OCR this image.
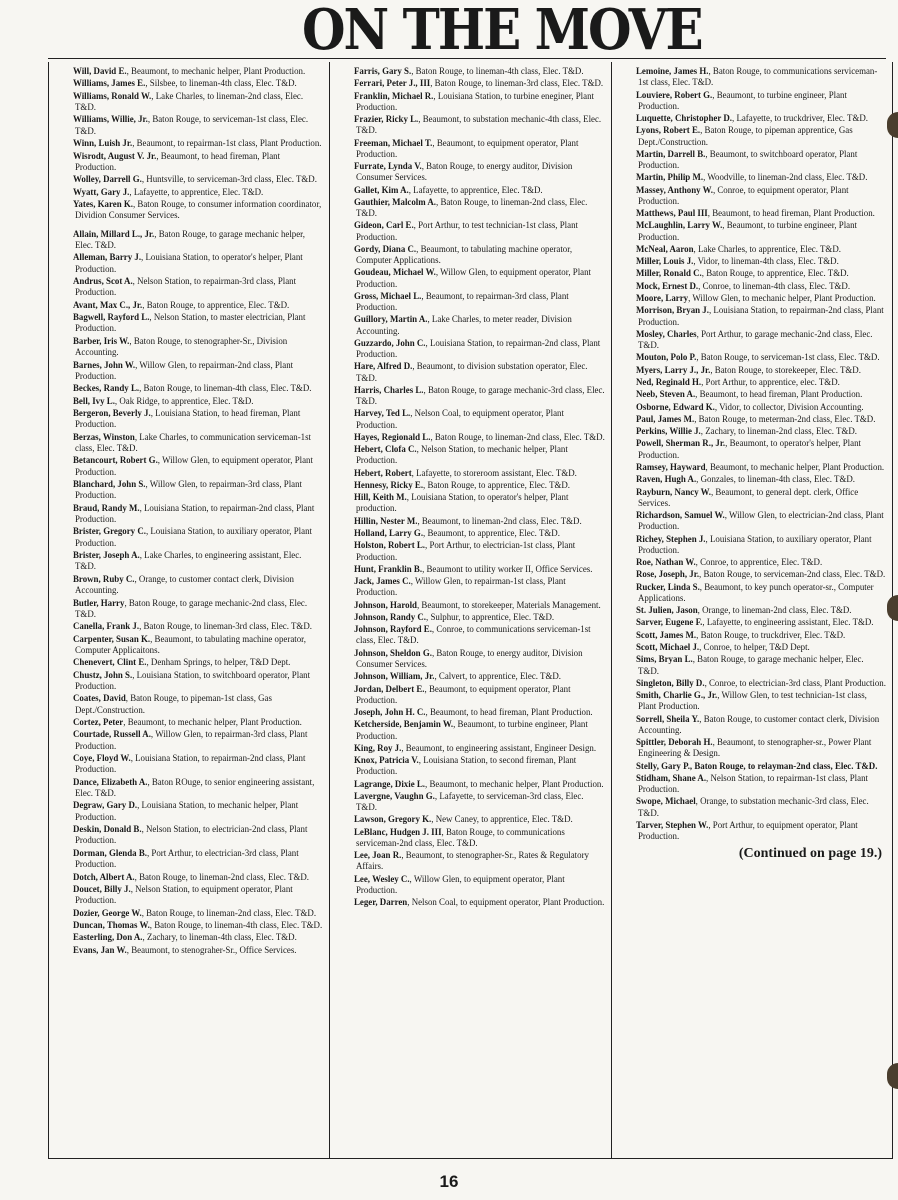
ON THE MOVE

Will, David E., Beaumont, to mechanic helper, Plant Production.

Williams, James E., Silsbee, to lineman-4th class, Elec. T&D.

Williams, Ronald W., Lake Charles, to lineman-2nd class, Elec. T&D.

Williams, Willie, Jr., Baton Rouge, to serviceman-1st class, Elec. T&D.

Winn, Luish Jr., Beaumont, to repairman-1st class, Plant Production.

Wisrodt, August V. Jr., Beaumont, to head fireman, Plant Production.

Wolley, Darrell G., Huntsville, to serviceman-3rd class, Elec. T&D.

Wyatt, Gary J., Lafayette, to apprentice, Elec. T&D.

Yates, Karen K., Baton Rouge, to consumer information coordinator, Dividion Consumer Services.

Allain, Millard L., Jr., Baton Rouge, to garage mechanic helper, Elec. T&D.

Alleman, Barry J., Louisiana Station, to operator's helper, Plant Production.

Andrus, Scot A., Nelson Station, to repairman-3rd class, Plant Production.

Avant, Max C., Jr., Baton Rouge, to apprentice, Elec. T&D.

Bagwell, Rayford L., Nelson Station, to master electrician, Plant Production.

Barber, Iris W., Baton Rouge, to stenographer-Sr., Division Accounting.

Barnes, John W., Willow Glen, to repairman-2nd class, Plant Production.

Beckes, Randy L., Baton Rouge, to lineman-4th class, Elec. T&D.

Bell, Ivy L., Oak Ridge, to apprentice, Elec. T&D.

Bergeron, Beverly J., Louisiana Station, to head fireman, Plant Production.

Berzas, Winston, Lake Charles, to communication serviceman-1st class, Elec. T&D.

Betancourt, Robert G., Willow Glen, to equipment operator, Plant Production.

Blanchard, John S., Willow Glen, to repairman-3rd class, Plant Production.

Braud, Randy M., Louisiana Station, to repairman-2nd class, Plant Production.

Brister, Gregory C., Louisiana Station, to auxiliary operator, Plant Production.

Brister, Joseph A., Lake Charles, to engineering assistant, Elec. T&D.

Brown, Ruby C., Orange, to customer contact clerk, Division Accounting.

Butler, Harry, Baton Rouge, to garage mechanic-2nd class, Elec. T&D.

Canella, Frank J., Baton Rouge, to lineman-3rd class, Elec. T&D.

Carpenter, Susan K., Beaumont, to tabulating machine operator, Computer Applicaitons.

Chenevert, Clint E., Denham Springs, to helper, T&D Dept.

Chustz, John S., Louisiana Station, to switchboard operator, Plant Production.

Coates, David, Baton Rouge, to pipeman-1st class, Gas Dept./Construction.

Cortez, Peter, Beaumont, to mechanic helper, Plant Production.

Courtade, Russell A., Willow Glen, to repairman-3rd class, Plant Production.

Coye, Floyd W., Louisiana Station, to repairman-2nd class, Plant Production.

Dance, Elizabeth A., Baton ROuge, to senior engineering assistant, Elec. T&D.

Degraw, Gary D., Louisiana Station, to mechanic helper, Plant Production.

Deskin, Donald B., Nelson Station, to electrician-2nd class, Plant Production.

Dorman, Glenda B., Port Arthur, to electrician-3rd class, Plant Production.

Dotch, Albert A., Baton Rouge, to lineman-2nd class, Elec. T&D.

Doucet, Billy J., Nelson Station, to equipment operator, Plant Production.

Dozier, George W., Baton Rouge, to lineman-2nd class, Elec. T&D.

Duncan, Thomas W., Baton Rouge, to lineman-4th class, Elec. T&D.

Easterling, Don A., Zachary, to lineman-4th class, Elec. T&D.

Evans, Jan W., Beaumont, to stenograher-Sr., Office Services.

Farris, Gary S., Baton Rouge, to lineman-4th class, Elec. T&D.

Ferrari, Peter J., III, Baton Rouge, to lineman-3rd class, Elec. T&D.

Franklin, Michael R., Louisiana Station, to turbine eneginer, Plant Production.

Frazier, Ricky L., Beaumont, to substation mechanic-4th class, Elec. T&D.

Freeman, Michael T., Beaumont, to equipment operator, Plant Production.

Furrate, Lynda V., Baton Rouge, to energy auditor, Division Consumer Services.

Gallet, Kim A., Lafayette, to apprentice, Elec. T&D.

Gauthier, Malcolm A., Baton Rouge, to lineman-2nd class, Elec. T&D.

Gideon, Carl E., Port Arthur, to test technician-1st class, Plant Production.

Gordy, Diana C., Beaumont, to tabulating machine operator, Computer Applications.

Goudeau, Michael W., Willow Glen, to equipment operator, Plant Production.

Gross, Michael L., Beaumont, to repairman-3rd class, Plant Production.

Guillory, Martin A., Lake Charles, to meter reader, Division Accounting.

Guzzardo, John C., Louisiana Station, to repairman-2nd class, Plant Production.

Hare, Alfred D., Beaumont, to division substation operator, Elec. T&D.

Harris, Charles L., Baton Rouge, to garage mechanic-3rd class, Elec. T&D.

Harvey, Ted L., Nelson Coal, to equipment operator, Plant Production.

Hayes, Regionald L., Baton Rouge, to lineman-2nd class, Elec. T&D.

Hebert, Clofa C., Nelson Station, to mechanic helper, Plant Production.

Hebert, Robert, Lafayette, to storeroom assistant, Elec. T&D.

Hennesy, Ricky E., Baton Rouge, to apprentice, Elec. T&D.

Hill, Keith M., Louisiana Station, to operator's helper, Plant production.

Hillin, Nester M., Beaumont, to lineman-2nd class, Elec. T&D.

Holland, Larry G., Beaumont, to apprentice, Elec. T&D.

Holston, Robert L., Port Arthur, to electrician-1st class, Plant Production.

Hunt, Franklin B., Beaumont to utility worker II, Office Services.

Jack, James C., Willow Glen, to repairman-1st class, Plant Production.

Johnson, Harold, Beaumont, to storekeeper, Materials Management.

Johnson, Randy C., Sulphur, to apprentice, Elec. T&D.

Johnson, Rayford E., Conroe, to communications serviceman-1st class, Elec. T&D.

Johnson, Sheldon G., Baton Rouge, to energy auditor, Division Consumer Services.

Johnson, William, Jr., Calvert, to apprentice, Elec. T&D.

Jordan, Delbert E., Beaumont, to equipment operator, Plant Production.

Joseph, John H. C., Beaumont, to head fireman, Plant Production.

Ketcherside, Benjamin W., Beaumont, to turbine engineer, Plant Production.

King, Roy J., Beaumont, to engineering assistant, Engineer Design.

Knox, Patricia V., Louisiana Station, to second fireman, Plant Production.

Lagrange, Dixie L., Beaumont, to mechanic helper, Plant Production.

Lavergne, Vaughn G., Lafayette, to serviceman-3rd class, Elec. T&D.

Lawson, Gregory K., New Caney, to apprentice, Elec. T&D.

LeBlanc, Hudgen J. III, Baton Rouge, to communications serviceman-2nd class, Elec. T&D.

Lee, Joan R., Beaumont, to stenographer-Sr., Rates & Regulatory Affairs.

Lee, Wesley C., Willow Glen, to equipment operator, Plant Production.

Leger, Darren, Nelson Coal, to equipment operator, Plant Production.

Lemoine, James H., Baton Rouge, to communications serviceman-1st class, Elec. T&D.

Louviere, Robert G., Beaumont, to turbine engineer, Plant Production.

Luquette, Christopher D., Lafayette, to truckdriver, Elec. T&D.

Lyons, Robert E., Baton Rouge, to pipeman apprentice, Gas Dept./Construction.

Martin, Darrell B., Beaumont, to switchboard operator, Plant Production.

Martin, Philip M., Woodville, to lineman-2nd class, Elec. T&D.

Massey, Anthony W., Conroe, to equipment operator, Plant Production.

Matthews, Paul III, Beaumont, to head fireman, Plant Production.

McLaughlin, Larry W., Beaumont, to turbine engineer, Plant Production.

McNeal, Aaron, Lake Charles, to apprentice, Elec. T&D.

Miller, Louis J., Vidor, to lineman-4th class, Elec. T&D.

Miller, Ronald C., Baton Rouge, to apprentice, Elec. T&D.

Mock, Ernest D., Conroe, to lineman-4th class, Elec. T&D.

Moore, Larry, Willow Glen, to mechanic helper, Plant Production.

Morrison, Bryan J., Louisiana Station, to repairman-2nd class, Plant Production.

Mosley, Charles, Port Arthur, to garage mechanic-2nd class, Elec. T&D.

Mouton, Polo P., Baton Rouge, to serviceman-1st class, Elec. T&D.

Myers, Larry J., Jr., Baton Rouge, to storekeeper, Elec. T&D.

Ned, Reginald H., Port Arthur, to apprentice, elec. T&D.

Neeb, Steven A., Beaumont, to head fireman, Plant Production.

Osborne, Edward K., Vidor, to collector, Division Accounting.

Paul, James M., Baton Rouge, to meterman-2nd class, Elec. T&D.

Perkins, Willie J., Zachary, to lineman-2nd class, Elec. T&D.

Powell, Sherman R., Jr., Beaumont, to operator's helper, Plant Production.

Ramsey, Hayward, Beaumont, to mechanic helper, Plant Production.

Raven, Hugh A., Gonzales, to lineman-4th class, Elec. T&D.

Rayburn, Nancy W., Beaumont, to general dept. clerk, Office Services.

Richardson, Samuel W., Willow Glen, to electrician-2nd class, Plant Production.

Richey, Stephen J., Louisiana Station, to auxiliary operator, Plant Production.

Roe, Nathan W., Conroe, to apprentice, Elec. T&D.

Rose, Joseph, Jr., Baton Rouge, to serviceman-2nd class, Elec. T&D.

Rucker, Linda S., Beaumont, to key punch operator-sr., Computer Applications.

St. Julien, Jason, Orange, to lineman-2nd class, Elec. T&D.

Sarver, Eugene F., Lafayette, to engineering assistant, Elec. T&D.

Scott, James M., Baton Rouge, to truckdriver, Elec. T&D.

Scott, Michael J., Conroe, to helper, T&D Dept.

Sims, Bryan L., Baton Rouge, to garage mechanic helper, Elec. T&D.

Singleton, Billy D., Conroe, to electrician-3rd class, Plant Production.

Smith, Charlie G., Jr., Willow Glen, to test technician-1st class, Plant Production.

Sorrell, Sheila Y., Baton Rouge, to customer contact clerk, Division Accounting.

Spittler, Deborah H., Beaumont, to stenographer-sr., Power Plant Engineering & Design.

Stelly, Gary P., Baton Rouge, to relayman-2nd class, Elec. T&D.

Stidham, Shane A., Nelson Station, to repairman-1st class, Plant Production.

Swope, Michael, Orange, to substation mechanic-3rd class, Elec. T&D.

Tarver, Stephen W., Port Arthur, to equipment operator, Plant Production.

(Continued on page 19.)
16
